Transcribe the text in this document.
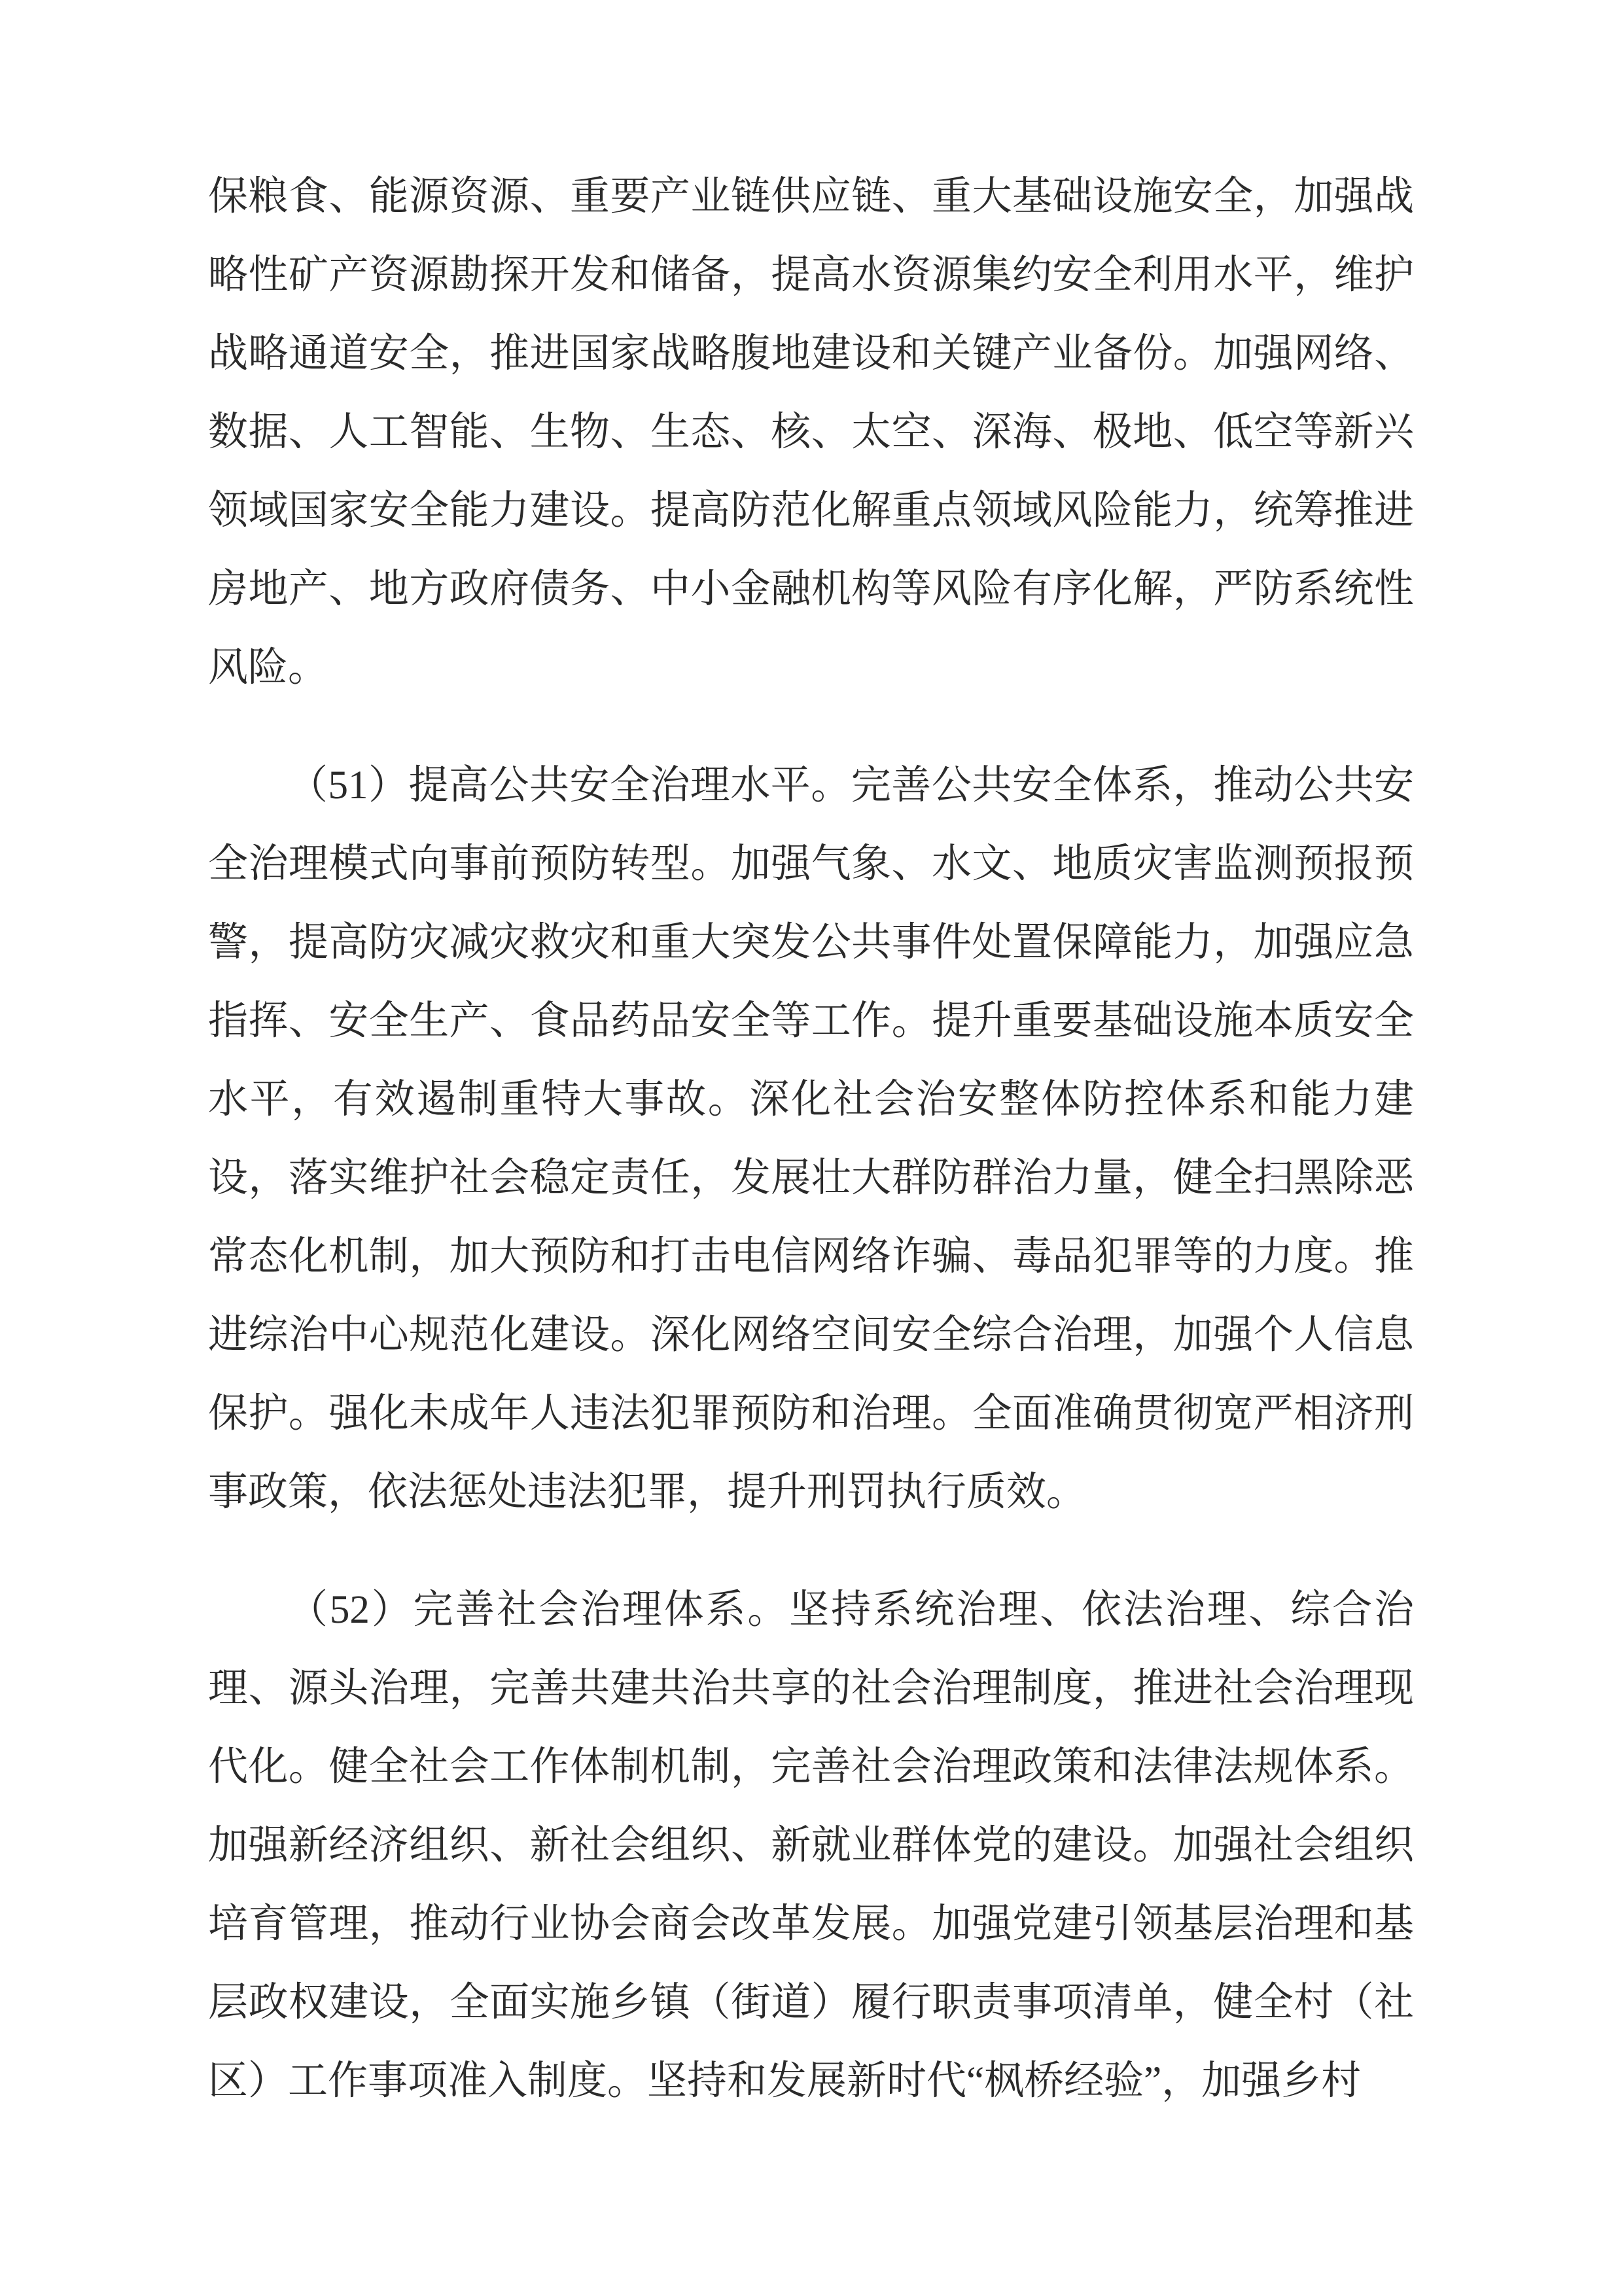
保粮食、能源资源、重要产业链供应链、重大基础设施安全，加强战略性矿产资源勘探开发和储备，提高水资源集约安全利用水平，维护战略通道安全，推进国家战略腹地建设和关键产业备份。加强网络、数据、人工智能、生物、生态、核、太空、深海、极地、低空等新兴领域国家安全能力建设。提高防范化解重点领域风险能力，统筹推进房地产、地方政府债务、中小金融机构等风险有序化解，严防系统性风险。

（51）提高公共安全治理水平。完善公共安全体系，推动公共安全治理模式向事前预防转型。加强气象、水文、地质灾害监测预报预警，提高防灾减灾救灾和重大突发公共事件处置保障能力，加强应急指挥、安全生产、食品药品安全等工作。提升重要基础设施本质安全水平，有效遏制重特大事故。深化社会治安整体防控体系和能力建设，落实维护社会稳定责任，发展壮大群防群治力量，健全扫黑除恶常态化机制，加大预防和打击电信网络诈骗、毒品犯罪等的力度。推进综治中心规范化建设。深化网络空间安全综合治理，加强个人信息保护。强化未成年人违法犯罪预防和治理。全面准确贯彻宽严相济刑事政策，依法惩处违法犯罪，提升刑罚执行质效。

（52）完善社会治理体系。坚持系统治理、依法治理、综合治理、源头治理，完善共建共治共享的社会治理制度，推进社会治理现代化。健全社会工作体制机制，完善社会治理政策和法律法规体系。加强新经济组织、新社会组织、新就业群体党的建设。加强社会组织培育管理，推动行业协会商会改革发展。加强党建引领基层治理和基层政权建设，全面实施乡镇（街道）履行职责事项清单，健全村（社区）工作事项准入制度。坚持和发展新时代“枫桥经验”，加强乡村
